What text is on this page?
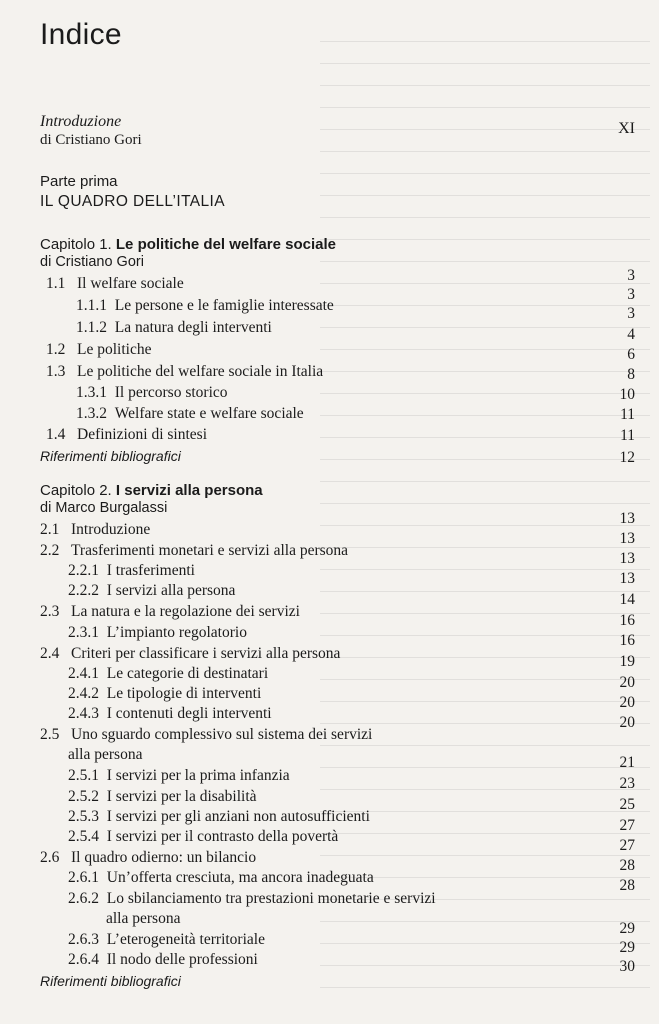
Indice
Introduzione
di Cristiano Gori
XI
Parte prima
IL QUADRO DELL’ITALIA
Capitolo 1. Le politiche del welfare sociale
di Cristiano Gori
1.1 Il welfare sociale
1.1.1 Le persone e le famiglie interessate
1.1.2 La natura degli interventi
1.2 Le politiche
1.3 Le politiche del welfare sociale in Italia
1.3.1 Il percorso storico
1.3.2 Welfare state e welfare sociale
1.4 Definizioni di sintesi
Riferimenti bibliografici
3
3
3
4
6
8
10
11
11
12
Capitolo 2. I servizi alla persona
di Marco Burgalassi
2.1 Introduzione
2.2 Trasferimenti monetari e servizi alla persona
2.2.1 I trasferimenti
2.2.2 I servizi alla persona
2.3 La natura e la regolazione dei servizi
2.3.1 L’impianto regolatorio
2.4 Criteri per classificare i servizi alla persona
2.4.1 Le categorie di destinatari
2.4.2 Le tipologie di interventi
2.4.3 I contenuti degli interventi
2.5 Uno sguardo complessivo sul sistema dei servizi
alla persona
2.5.1 I servizi per la prima infanzia
2.5.2 I servizi per la disabilità
2.5.3 I servizi per gli anziani non autosufficienti
2.5.4 I servizi per il contrasto della povertà
2.6 Il quadro odierno: un bilancio
2.6.1 Un’offerta cresciuta, ma ancora inadeguata
2.6.2 Lo sbilanciamento tra prestazioni monetarie e servizi
alla persona
2.6.3 L’eterogeneità territoriale
2.6.4 Il nodo delle professioni
Riferimenti bibliografici
13
13
13
13
14
16
16
19
20
20
20
21
23
25
27
27
28
28
29
29
30
